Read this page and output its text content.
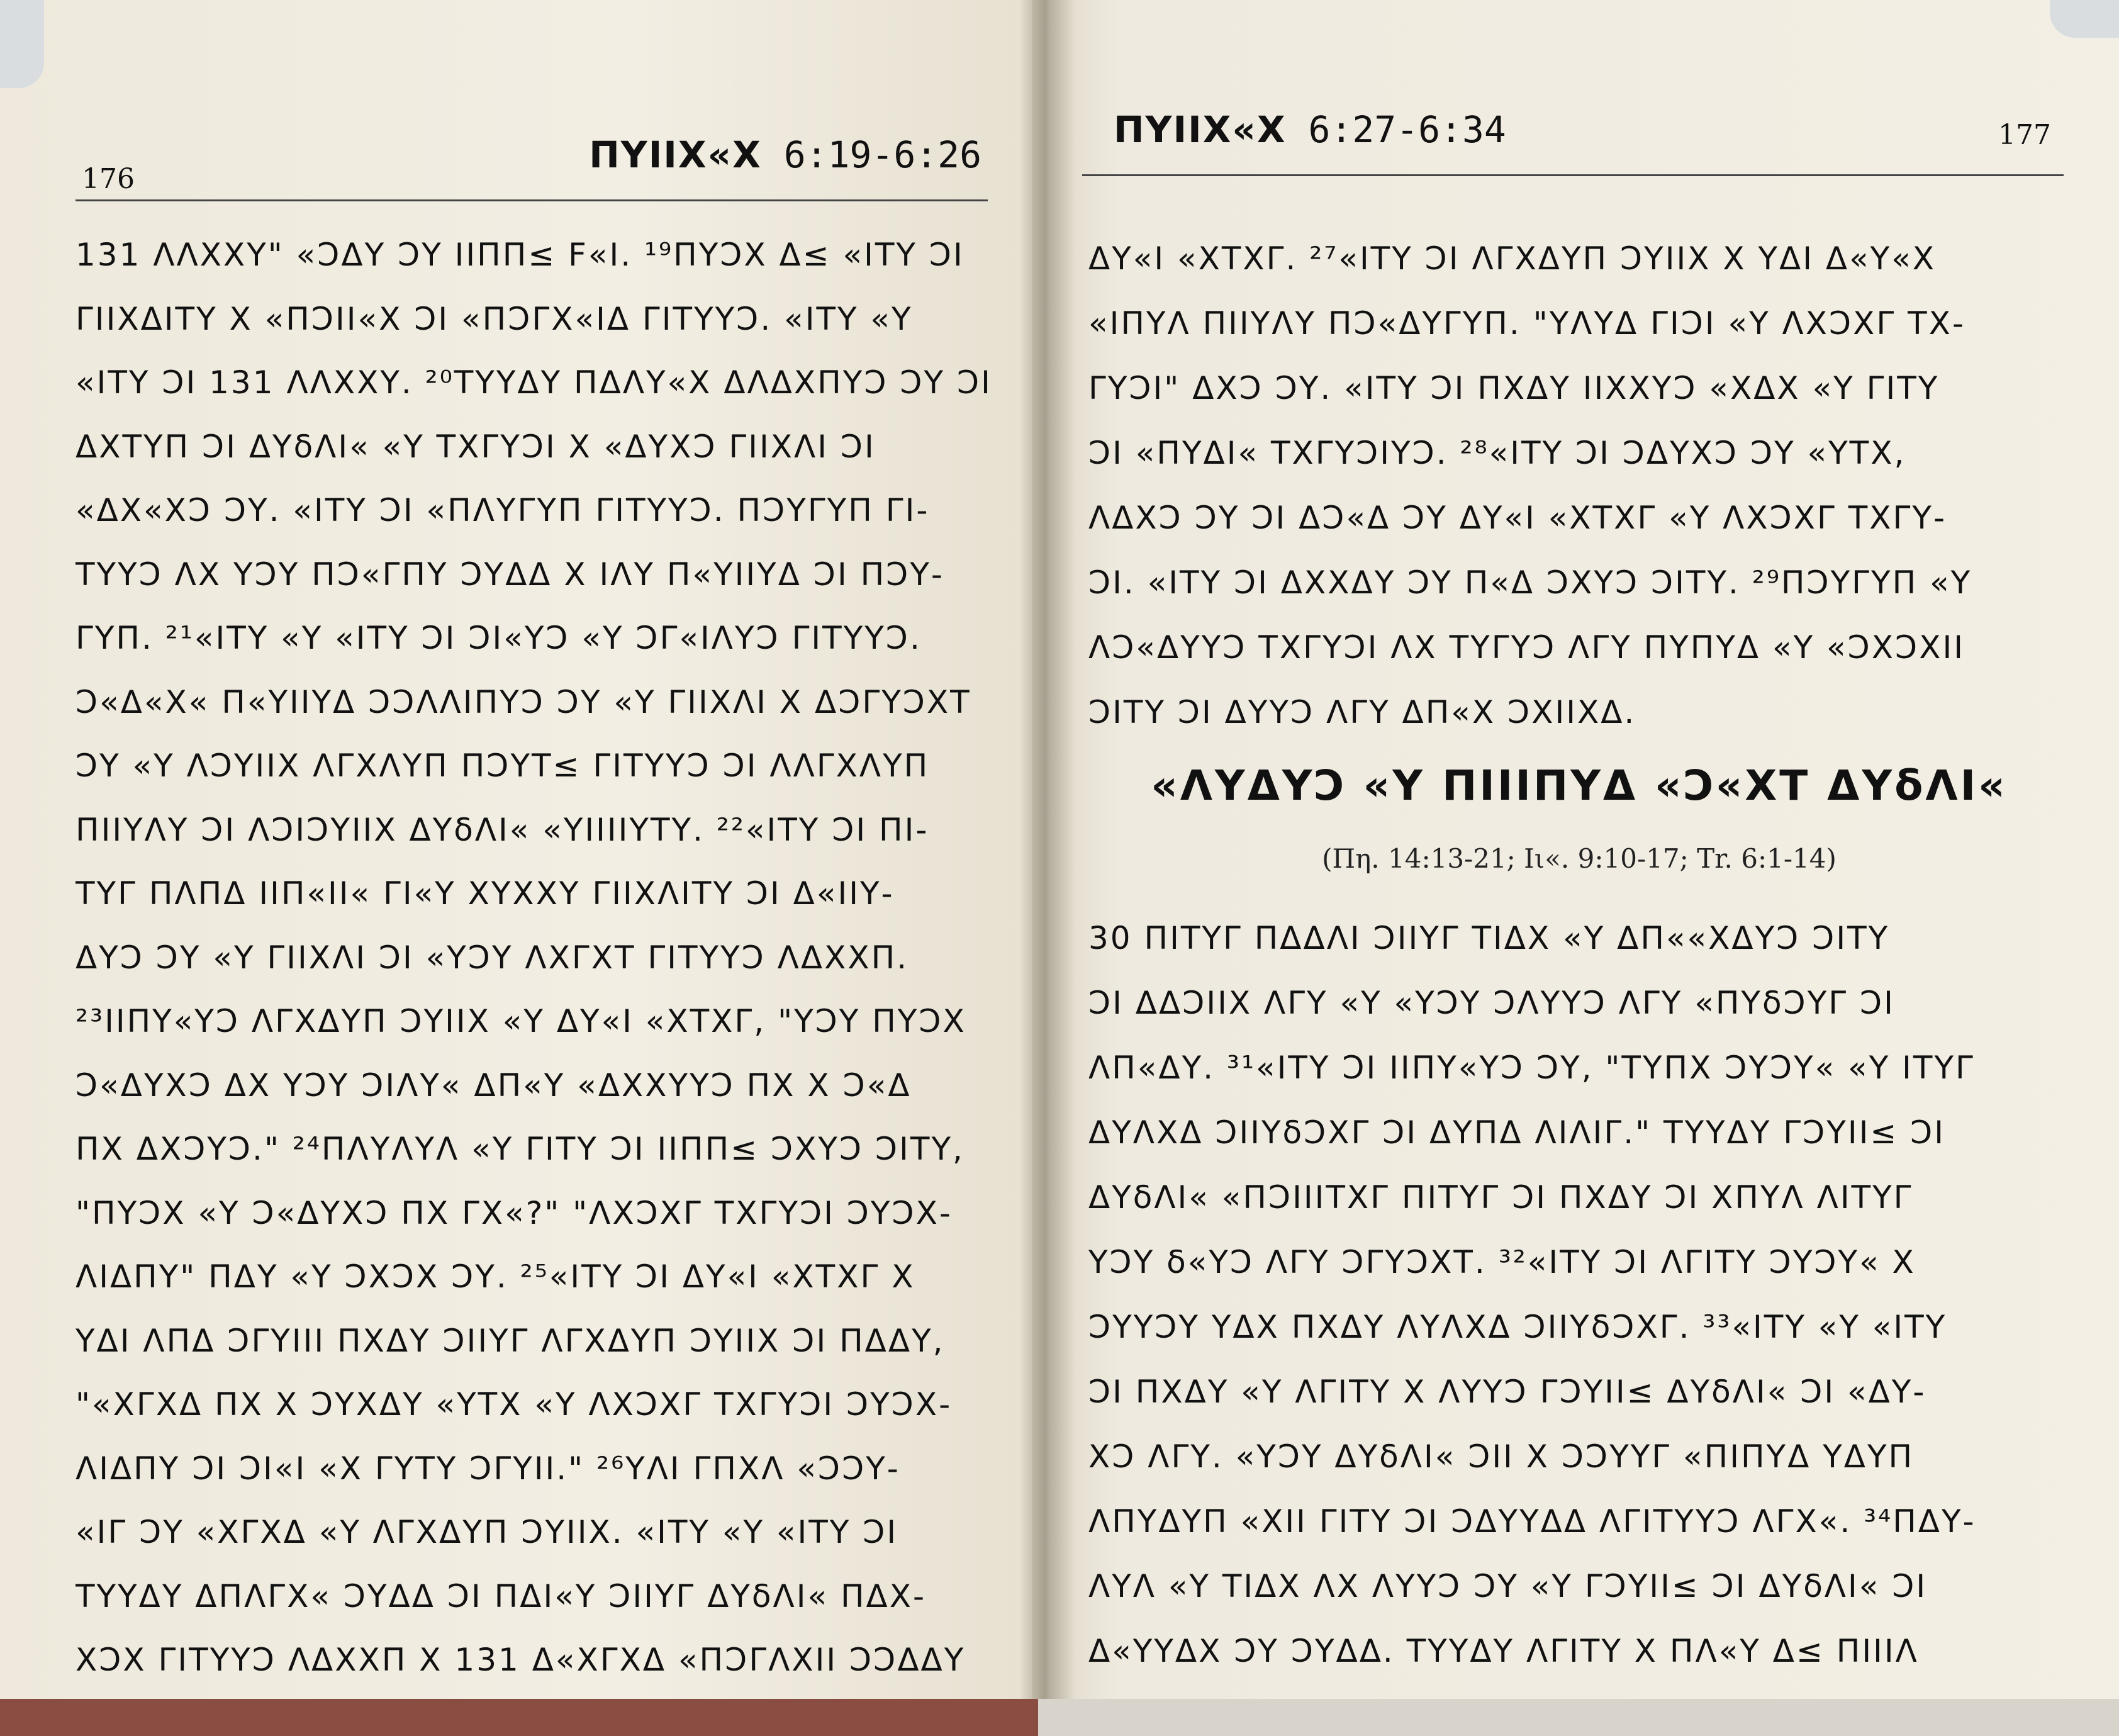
176
ΠΥΙΙΧ«Χ 6:19-6:26
131 ΛΛΧΧΥ" «ϽΔΥ ϽΥ ΙΙΠΠ≤ Ϝ«Ι. ¹⁹ΠΥϽΧ Δ≤ «ΙΤΥ ϽΙ
ΓΙΙΧΔΙΤΥ Χ «ΠϽΙΙ«Χ ϽΙ «ΠϽΓΧ«ΙΔ ΓΙΤΥΥϽ. «ΙΤΥ «Υ
«ΙΤΥ ϽΙ 131 ΛΛΧΧΥ. ²⁰ΤΥΥΔΥ ΠΔΛΥ«Χ ΔΛΔΧΠΥϽ ϽΥ ϽΙ
ΔΧΤΥΠ ϽΙ ΔΥδΛΙ« «Υ ΤΧΓΥϽΙ Χ «ΔΥΧϽ ΓΙΙΧΛΙ ϽΙ
«ΔΧ«ΧϽ ϽΥ. «ΙΤΥ ϽΙ «ΠΛΥΓΥΠ ΓΙΤΥΥϽ. ΠϽΥΓΥΠ ΓΙ-
ΤΥΥϽ ΛΧ ΥϽΥ ΠϽ«ΓΠΥ ϽΥΔΔ Χ ΙΛΥ Π«ΥΙΙΥΔ ϽΙ ΠϽΥ-
ΓΥΠ. ²¹«ΙΤΥ «Υ «ΙΤΥ ϽΙ ϽΙ«ΥϽ «Υ ϽΓ«ΙΛΥϽ ΓΙΤΥΥϽ.
Ͻ«Δ«Χ« Π«ΥΙΙΥΔ ϽϽΛΛΙΠΥϽ ϽΥ «Υ ΓΙΙΧΛΙ Χ ΔϽΓΥϽΧΤ
ϽΥ «Υ ΛϽΥΙΙΧ ΛΓΧΛΥΠ ΠϽΥΤ≤ ΓΙΤΥΥϽ ϽΙ ΛΛΓΧΛΥΠ
ΠΙΙΥΛΥ ϽΙ ΛϽΙϽΥΙΙΧ ΔΥδΛΙ« «ΥΙΙΙΙΥΤΥ. ²²«ΙΤΥ ϽΙ ΠΙ-
ΤΥΓ ΠΛΠΔ ΙΙΠ«ΙΙ« ΓΙ«Υ ΧΥΧΧΥ ΓΙΙΧΛΙΤΥ ϽΙ Δ«ΙΙΥ-
ΔΥϽ ϽΥ «Υ ΓΙΙΧΛΙ ϽΙ «ΥϽΥ ΛΧΓΧΤ ΓΙΤΥΥϽ ΛΔΧΧΠ.
²³ΙΙΠΥ«ΥϽ ΛΓΧΔΥΠ ϽΥΙΙΧ «Υ ΔΥ«Ι «ΧΤΧΓ, "ΥϽΥ ΠΥϽΧ
Ͻ«ΔΥΧϽ ΔΧ ΥϽΥ ϽΙΛΥ« ΔΠ«Υ «ΔΧΧΥΥϽ ΠΧ Χ Ͻ«Δ
ΠΧ ΔΧϽΥϽ." ²⁴ΠΛΥΛΥΛ «Υ ΓΙΤΥ ϽΙ ΙΙΠΠ≤ ϽΧΥϽ ϽΙΤΥ,
"ΠΥϽΧ «Υ Ͻ«ΔΥΧϽ ΠΧ ΓΧ«?" "ΛΧϽΧΓ ΤΧΓΥϽΙ ϽΥϽΧ-
ΛΙΔΠΥ" ΠΔΥ «Υ ϽΧϽΧ ϽΥ. ²⁵«ΙΤΥ ϽΙ ΔΥ«Ι «ΧΤΧΓ Χ
ΥΔΙ ΛΠΔ ϽΓΥΙΙΙ ΠΧΔΥ ϽΙΙΥΓ ΛΓΧΔΥΠ ϽΥΙΙΧ ϽΙ ΠΔΔΥ,
"«ΧΓΧΔ ΠΧ Χ ϽΥΧΔΥ «ΥΤΧ «Υ ΛΧϽΧΓ ΤΧΓΥϽΙ ϽΥϽΧ-
ΛΙΔΠΥ ϽΙ ϽΙ«Ι «Χ ΓΥΤΥ ϽΓΥΙΙ." ²⁶ΥΛΙ ΓΠΧΛ «ϽϽΥ-
«ΙΓ ϽΥ «ΧΓΧΔ «Υ ΛΓΧΔΥΠ ϽΥΙΙΧ. «ΙΤΥ «Υ «ΙΤΥ ϽΙ
ΤΥΥΔΥ ΔΠΛΓΧ« ϽΥΔΔ ϽΙ ΠΔΙ«Υ ϽΙΙΥΓ ΔΥδΛΙ« ΠΔΧ-
ΧϽΧ ΓΙΤΥΥϽ ΛΔΧΧΠ Χ 131 Δ«ΧΓΧΔ «ΠϽΓΛΧΙΙ ϽϽΔΔΥ
ΠΥΙΙΧ«Χ 6:27-6:34	177
ΔΥ«Ι «ΧΤΧΓ. ²⁷«ΙΤΥ ϽΙ ΛΓΧΔΥΠ ϽΥΙΙΧ Χ ΥΔΙ Δ«Υ«Χ
«ΙΠΥΛ ΠΙΙΥΛΥ ΠϽ«ΔΥΓΥΠ. "ΥΛΥΔ ΓΙϽΙ «Υ ΛΧϽΧΓ ΤΧ-
ΓΥϽΙ" ΔΧϽ ϽΥ. «ΙΤΥ ϽΙ ΠΧΔΥ ΙΙΧΧΥϽ «ΧΔΧ «Υ ΓΙΤΥ
ϽΙ «ΠΥΔΙ« ΤΧΓΥϽΙΥϽ. ²⁸«ΙΤΥ ϽΙ ϽΔΥΧϽ ϽΥ «ΥΤΧ,
ΛΔΧϽ ϽΥ ϽΙ ΔϽ«Δ ϽΥ ΔΥ«Ι «ΧΤΧΓ «Υ ΛΧϽΧΓ ΤΧΓΥ-
ϽΙ. «ΙΤΥ ϽΙ ΔΧΧΔΥ ϽΥ Π«Δ ϽΧΥϽ ϽΙΤΥ. ²⁹ΠϽΥΓΥΠ «Υ
ΛϽ«ΔΥΥϽ ΤΧΓΥϽΙ ΛΧ ΤΥΓΥϽ ΛΓΥ ΠΥΠΥΔ «Υ «ϽΧϽΧΙΙ
ϽΙΤΥ ϽΙ ΔΥΥϽ ΛΓΥ ΔΠ«Χ ϽΧΙΙΧΔ.
«ΛΥΔΥϽ «Υ ΠΙΙΙΠΥΔ «Ͻ«ΧΤ ΔΥδΛΙ«
(Πη. 14:13-21; Ιι«. 9:10-17; Τr. 6:1-14)
30 ΠΙΤΥΓ ΠΔΔΛΙ ϽΙΙΥΓ ΤΙΔΧ «Υ ΔΠ««ΧΔΥϽ ϽΙΤΥ
ϽΙ ΔΔϽΙΙΧ ΛΓΥ «Υ «ΥϽΥ ϽΛΥΥϽ ΛΓΥ «ΠΥδϽΥΓ ϽΙ
ΛΠ«ΔΥ. ³¹«ΙΤΥ ϽΙ ΙΙΠΥ«ΥϽ ϽΥ, "ΤΥΠΧ ϽΥϽΥ« «Υ ΙΤΥΓ
ΔΥΛΧΔ ϽΙΙΥδϽΧΓ ϽΙ ΔΥΠΔ ΛΙΛΙΓ." ΤΥΥΔΥ ΓϽΥΙΙ≤ ϽΙ
ΔΥδΛΙ« «ΠϽΙΙΙΤΧΓ ΠΙΤΥΓ ϽΙ ΠΧΔΥ ϽΙ ΧΠΥΛ ΛΙΤΥΓ
ΥϽΥ δ«ΥϽ ΛΓΥ ϽΓΥϽΧΤ. ³²«ΙΤΥ ϽΙ ΛΓΙΤΥ ϽΥϽΥ« Χ
ϽΥΥϽΥ ΥΔΧ ΠΧΔΥ ΛΥΛΧΔ ϽΙΙΥδϽΧΓ. ³³«ΙΤΥ «Υ «ΙΤΥ
ϽΙ ΠΧΔΥ «Υ ΛΓΙΤΥ Χ ΛΥΥϽ ΓϽΥΙΙ≤ ΔΥδΛΙ« ϽΙ «ΔΥ-
ΧϽ ΛΓΥ. «ΥϽΥ ΔΥδΛΙ« ϽΙΙ Χ ϽϽΥΥΓ «ΠΙΠΥΔ ΥΔΥΠ
ΛΠΥΔΥΠ «ΧΙΙ ΓΙΤΥ ϽΙ ϽΔΥΥΔΔ ΛΓΙΤΥΥϽ ΛΓΧ«. ³⁴ΠΔΥ-
ΛΥΛ «Υ ΤΙΔΧ ΛΧ ΛΥΥϽ ϽΥ «Υ ΓϽΥΙΙ≤ ϽΙ ΔΥδΛΙ« ϽΙ
Δ«ΥΥΔΧ ϽΥ ϽΥΔΔ. ΤΥΥΔΥ ΛΓΙΤΥ Χ ΠΛ«Υ Δ≤ ΠΙΙΙΛ
